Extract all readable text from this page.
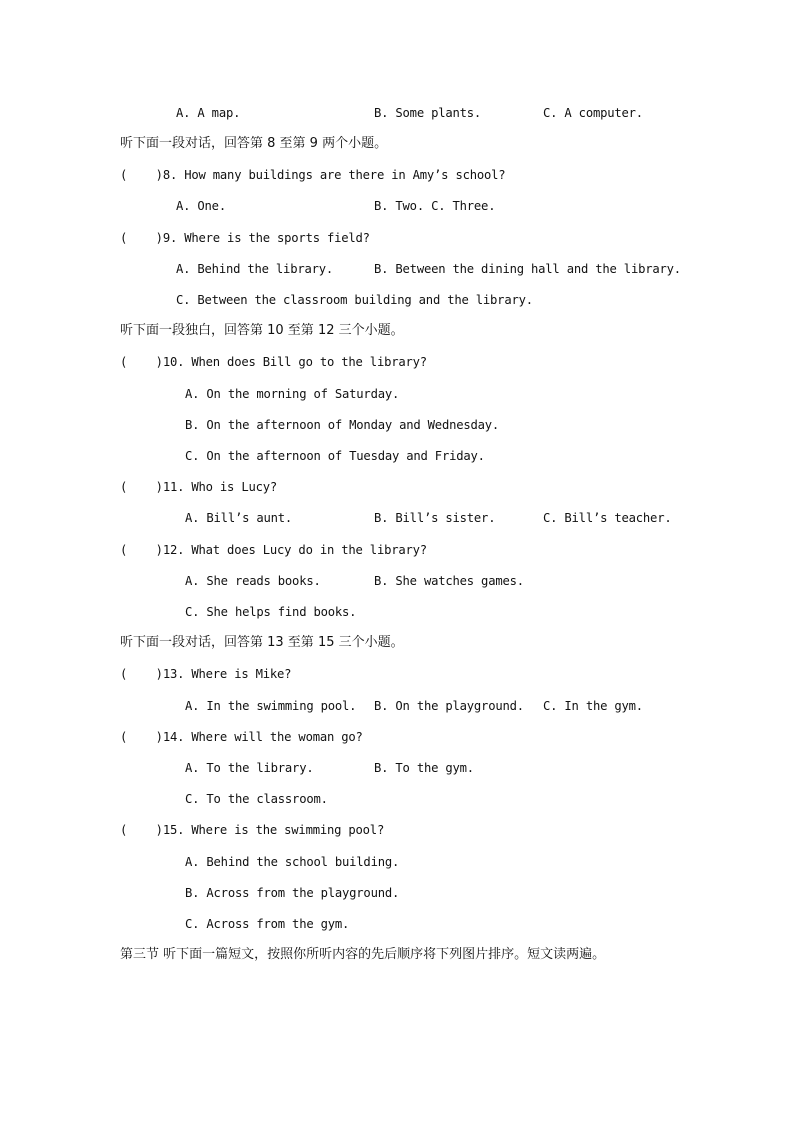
A. A map.	B. Some plants.	C. A computer.
听下面一段对话，回答第 8 至第 9 两个小题。
(    )8. How many buildings are there in Amy’s school?
A. One.	B. Two. C. Three.
(    )9. Where is the sports field?
A. Behind the library.	B. Between the dining hall and the library.
C. Between the classroom building and the library.
听下面一段独白，回答第 10 至第 12 三个小题。
(    )10. When does Bill go to the library?
A. On the morning of Saturday.
B. On the afternoon of Monday and Wednesday.
C. On the afternoon of Tuesday and Friday.
(    )11. Who is Lucy?
A. Bill’s aunt.	B. Bill’s sister.	C. Bill’s teacher.
(    )12. What does Lucy do in the library?
A. She reads books.	B. She watches games.
C. She helps find books.
听下面一段对话，回答第 13 至第 15 三个小题。
(    )13. Where is Mike?
A. In the swimming pool. B. On the playground. C. In the gym.
(    )14. Where will the woman go?
A. To the library.	B. To the gym.
C. To the classroom.
(    )15. Where is the swimming pool?
A. Behind the school building.
B. Across from the playground.
C. Across from the gym.
第三节 听下面一篇短文，按照你所听内容的先后顺序将下列图片排序。短文读两遍。
